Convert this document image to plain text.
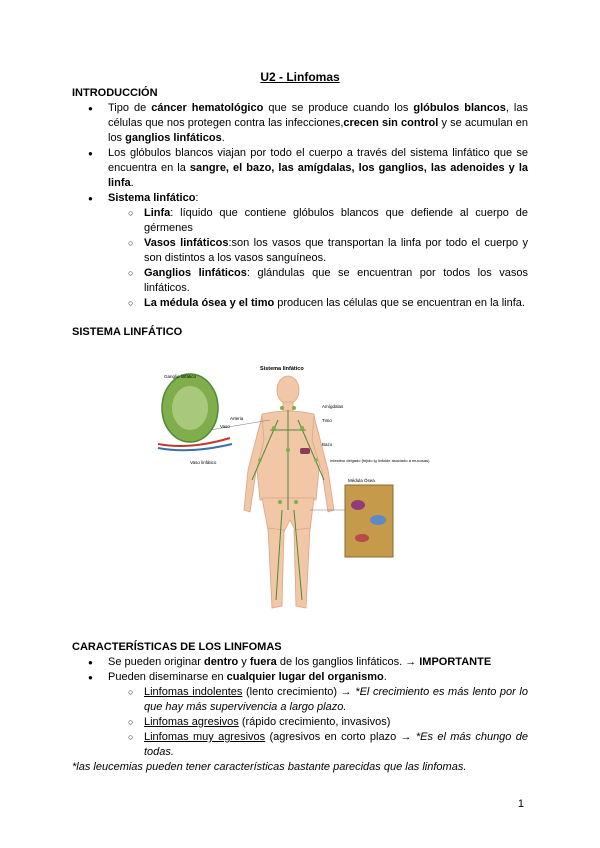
U2 - Linfomas
INTRODUCCIÓN
● Tipo de cáncer hematológico que se produce cuando los glóbulos blancos, las células que nos protegen contra las infecciones,crecen sin control y se acumulan en los ganglios linfáticos.
● Los glóbulos blancos viajan por todo el cuerpo a través del sistema linfático que se encuentra en la sangre, el bazo, las amígdalas, los ganglios, las adenoides y la linfa.
● Sistema linfático:
○ Linfa: líquido que contiene glóbulos blancos que defiende al cuerpo de gérmenes
○ Vasos linfáticos:son los vasos que transportan la linfa por todo el cuerpo y son distintos a los vasos sanguíneos.
○ Ganglios linfáticos: glándulas que se encuentran por todos los vasos linfáticos.
○ La médula ósea y el timo producen las células que se encuentran en la linfa.
SISTEMA LINFÁTICO
Sistema linfático
Ganglio linfático
Arteria
Vaso
Vaso linfático
Amígdalas
Timo
Bazo
Intestino delgado (tejido lg linfoide asociado a mucosas)
Médula Ósea
CARACTERÍSTICAS DE LOS LINFOMAS
● Se pueden originar dentro y fuera de los ganglios linfáticos. → IMPORTANTE
● Pueden diseminarse en cualquier lugar del organismo.
○ Linfomas indolentes (lento crecimiento) → *El crecimiento es más lento por lo que hay más supervivencia a largo plazo.
○ Linfomas agresivos (rápido crecimiento, invasivos)
○ Linfomas muy agresivos (agresivos en corto plazo → *Es el más chungo de todas.
*las leucemias pueden tener características bastante parecidas que las linfomas.
1
